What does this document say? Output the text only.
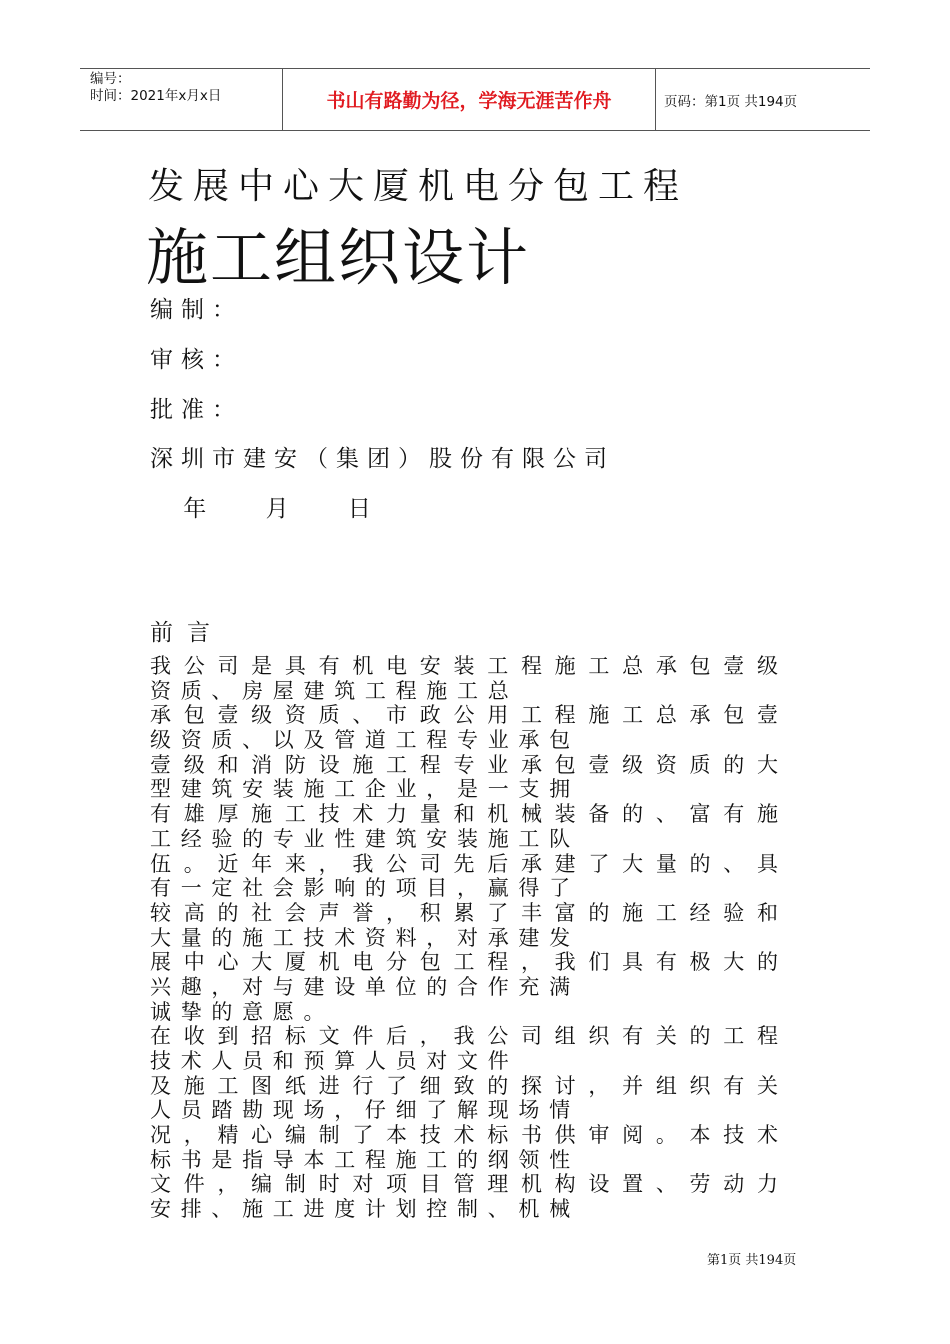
编号：
时间：2021年x月x日	书山有路勤为径，学海无涯苦作舟	页码：第1页 共194页
发展中心大厦机电分包工程
施工组织设计
编制：
审核：
批准：
深圳市建安（集团）股份有限公司
年 月 日
前言
我公司是具有机电安装工程施工总承包壹级
资质、房屋建筑工程施工总
承包壹级资质、市政公用工程施工总承包壹
级资质、以及管道工程专业承包
壹级和消防设施工程专业承包壹级资质的大
型建筑安装施工企业，是一支拥
有雄厚施工技术力量和机械装备的、富有施
工经验的专业性建筑安装施工队
伍。近年来，我公司先后承建了大量的、具
有一定社会影响的项目，赢得了
较高的社会声誉，积累了丰富的施工经验和
大量的施工技术资料，对承建发
展中心大厦机电分包工程，我们具有极大的
兴趣，对与建设单位的合作充满
诚挚的意愿。
在收到招标文件后，我公司组织有关的工程
技术人员和预算人员对文件
及施工图纸进行了细致的探讨，并组织有关
人员踏勘现场，仔细了解现场情
况，精心编制了本技术标书供审阅。本技术
标书是指导本工程施工的纲领性
文件，编制时对项目管理机构设置、劳动力
安排、施工进度计划控制、机械
第1页 共194页
